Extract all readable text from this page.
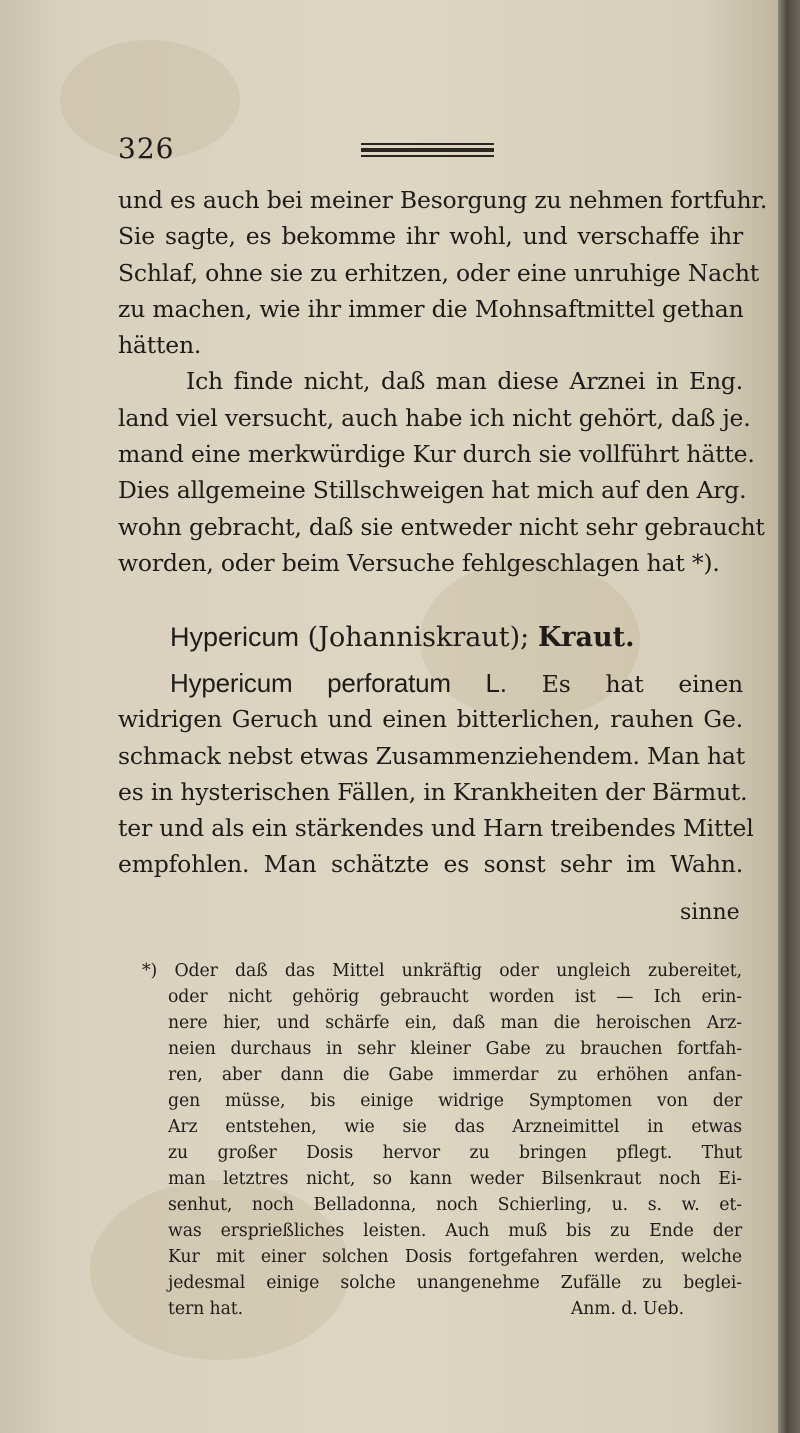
326
und es auch bei meiner Besorgung zu nehmen fortfuhr.
Sie sagte, es bekomme ihr wohl, und verschaffe ihr
Schlaf, ohne sie zu erhitzen, oder eine unruhige Nacht
zu machen, wie ihr immer die Mohnsaftmittel gethan
hätten.
Ich finde nicht, daß man diese Arznei in Eng.
land viel versucht, auch habe ich nicht gehört, daß je.
mand eine merkwürdige Kur durch sie vollführt hätte.
Dies allgemeine Stillschweigen hat mich auf den Arg.
wohn gebracht, daß sie entweder nicht sehr gebraucht
worden, oder beim Versuche fehlgeschlagen hat *).
Hypericum (Johanniskraut); Kraut.
Hypericum perforatum L. Es hat einen
widrigen Geruch und einen bitterlichen, rauhen Ge.
schmack nebst etwas Zusammenziehendem. Man hat
es in hysterischen Fällen, in Krankheiten der Bärmut.
ter und als ein stärkendes und Harn treibendes Mittel
empfohlen. Man schätzte es sonst sehr im Wahn.
sinne
*) Oder daß das Mittel unkräftig oder ungleich zubereitet,
oder nicht gehörig gebraucht worden ist — Ich erin-
nere hier, und schärfe ein, daß man die heroischen Arz-
neien durchaus in sehr kleiner Gabe zu brauchen fortfah-
ren, aber dann die Gabe immerdar zu erhöhen anfan-
gen müsse, bis einige widrige Symptomen von der
Arz entstehen, wie sie das Arzneimittel in etwas
zu großer Dosis hervor zu bringen pflegt. Thut
man letztres nicht, so kann weder Bilsenkraut noch Ei-
senhut, noch Belladonna, noch Schierling, u. s. w. et-
was ersprießliches leisten. Auch muß bis zu Ende der
Kur mit einer solchen Dosis fortgefahren werden, welche
jedesmal einige solche unangenehme Zufälle zu beglei-
tern hat.	Anm. d. Ueb.
